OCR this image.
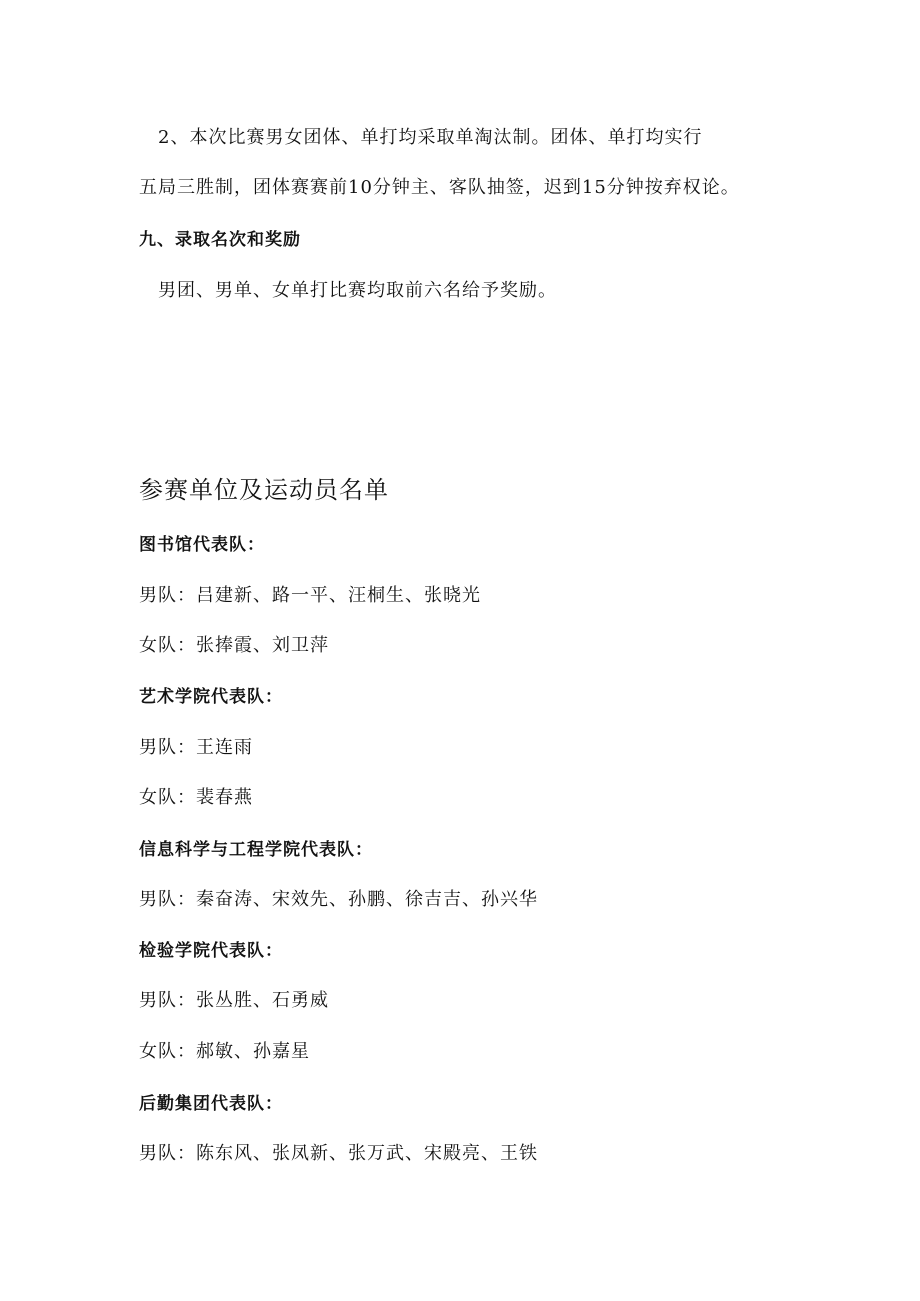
2、本次比赛男女团体、单打均采取单淘汰制。团体、单打均实行
五局三胜制，团体赛赛前10分钟主、客队抽签，迟到15分钟按弃权论。
九、录取名次和奖励
男团、男单、女单打比赛均取前六名给予奖励。
参赛单位及运动员名单
图书馆代表队：
男队：吕建新、路一平、汪桐生、张晓光
女队：张捧霞、刘卫萍
艺术学院代表队：
男队：王连雨
女队：裴春燕
信息科学与工程学院代表队：
男队：秦奋涛、宋效先、孙鹏、徐吉吉、孙兴华
检验学院代表队：
男队：张丛胜、石勇威
女队：郝敏、孙嘉星
后勤集团代表队：
男队：陈东风、张凤新、张万武、宋殿亮、王铁
